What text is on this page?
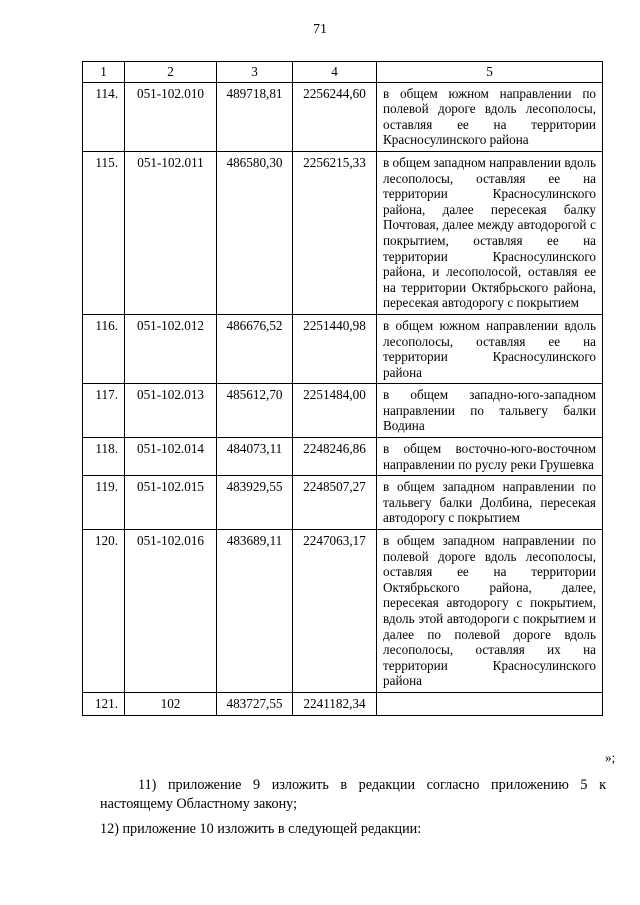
71
1	2	3	4	5
114.	051-102.010	489718,81	2256244,60	в общем южном направлении по полевой дороге вдоль лесополосы, оставляя ее на территории Красносулинского района
115.	051-102.011	486580,30	2256215,33	в общем западном направлении вдоль лесополосы, оставляя ее на территории Красносулинского района, далее пересекая балку Почтовая, далее между автодорогой с покрытием, оставляя ее на территории Красносулинского района, и лесополосой, оставляя ее на территории Октябрьского района, пересекая автодорогу с покрытием
116.	051-102.012	486676,52	2251440,98	в общем южном направлении вдоль лесополосы, оставляя ее на территории Красносулинского района
117.	051-102.013	485612,70	2251484,00	в общем западно-юго-западном направлении по тальвегу балки Водина
118.	051-102.014	484073,11	2248246,86	в общем восточно-юго-восточном направлении по руслу реки Грушевка
119.	051-102.015	483929,55	2248507,27	в общем западном направлении по тальвегу балки Долбина, пересекая автодорогу с покрытием
120.	051-102.016	483689,11	2247063,17	в общем западном направлении по полевой дороге вдоль лесополосы, оставляя ее на территории Октябрьского района, далее, пересекая автодорогу с покрытием, вдоль этой автодороги с покрытием и далее по полевой дороге вдоль лесополосы, оставляя их на территории Красносулинского района
121.	102	483727,55	2241182,34	
»;
11) приложение 9 изложить в редакции согласно приложению 5 к настоящему Областному закону;
12) приложение 10 изложить в следующей редакции:
